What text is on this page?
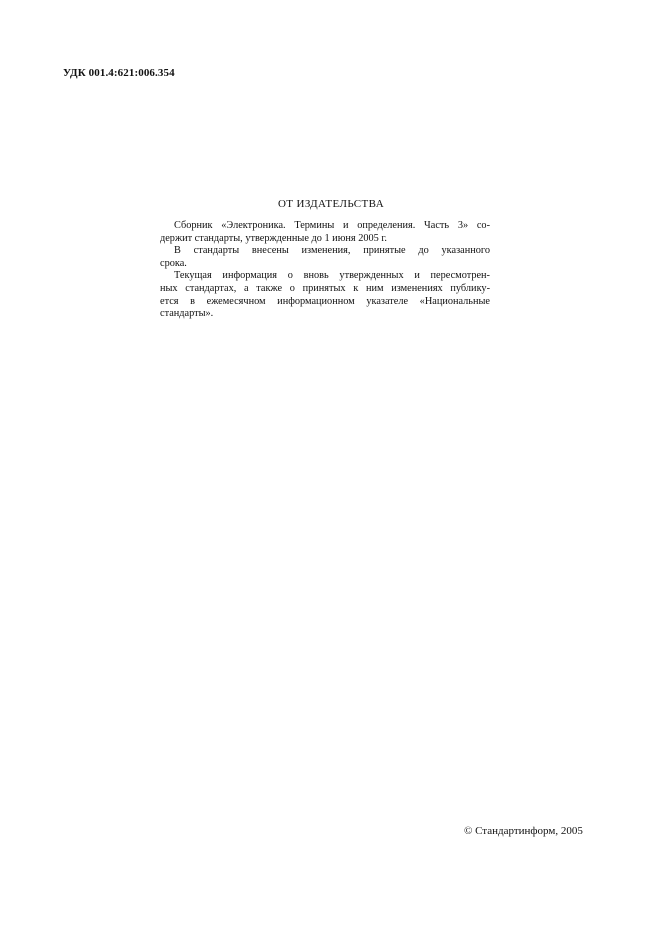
УДК 001.4:621:006.354
ОТ ИЗДАТЕЛЬСТВА
Сборник «Электроника. Термины и определения. Часть 3» со-
держит стандарты, утвержденные до 1 июня 2005 г.
В стандарты внесены изменения, принятые до указанного
срока.
Текущая информация о вновь утвержденных и пересмотрен-
ных стандартах, а также о принятых к ним изменениях публику-
ется в ежемесячном информационном указателе «Национальные
стандарты».
© Стандартинформ, 2005
